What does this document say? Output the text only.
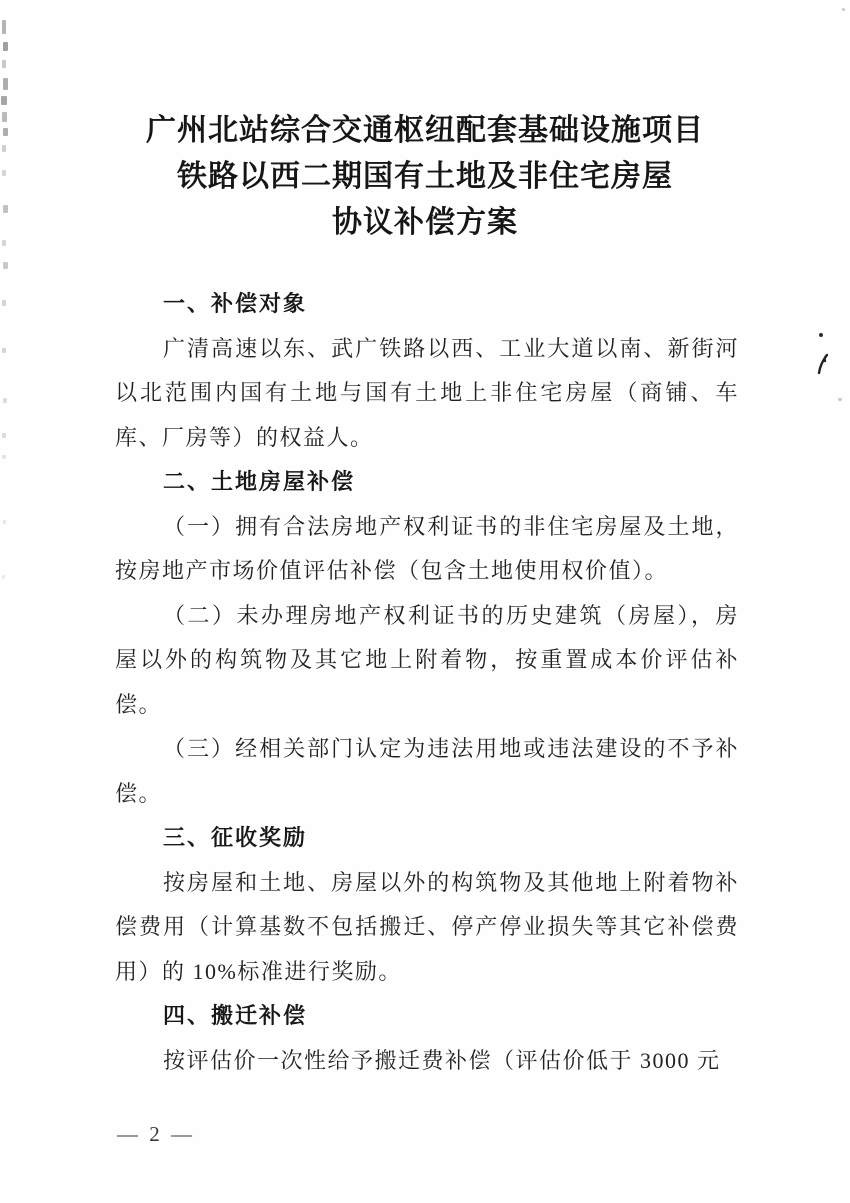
广州北站综合交通枢纽配套基础设施项目
铁路以西二期国有土地及非住宅房屋
协议补偿方案
一、补偿对象

广清高速以东、武广铁路以西、工业大道以南、新街河以北范围内国有土地与国有土地上非住宅房屋（商铺、车库、厂房等）的权益人。

二、土地房屋补偿

（一）拥有合法房地产权利证书的非住宅房屋及土地，按房地产市场价值评估补偿（包含土地使用权价值）。

（二）未办理房地产权利证书的历史建筑（房屋），房屋以外的构筑物及其它地上附着物，按重置成本价评估补偿。

（三）经相关部门认定为违法用地或违法建设的不予补偿。

三、征收奖励

按房屋和土地、房屋以外的构筑物及其他地上附着物补偿费用（计算基数不包括搬迁、停产停业损失等其它补偿费用）的 10%标准进行奖励。

四、搬迁补偿

按评估价一次性给予搬迁费补偿（评估价低于 3000 元

— 2 —
